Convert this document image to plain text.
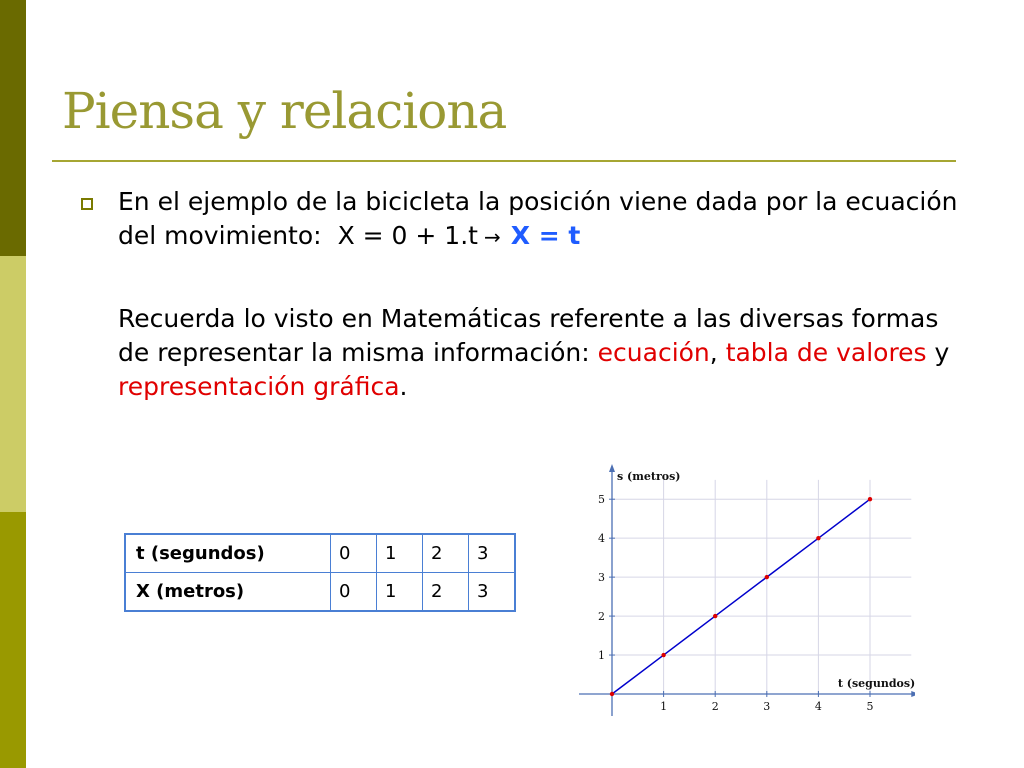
Piensa y relaciona

En el ejemplo de la bicicleta la posición viene dada por la ecuación del movimiento: X = 0 + 1.t → X = t

Recuerda lo visto en Matemáticas referente a las diversas formas de representar la misma información: ecuación, tabla de valores y representación gráfica.

t (segundos)	0	1	2	3
X (metros)	0	1	2	3
1	2	3	4	5
1
2
3
4
5
t (segundos)
s (metros)
